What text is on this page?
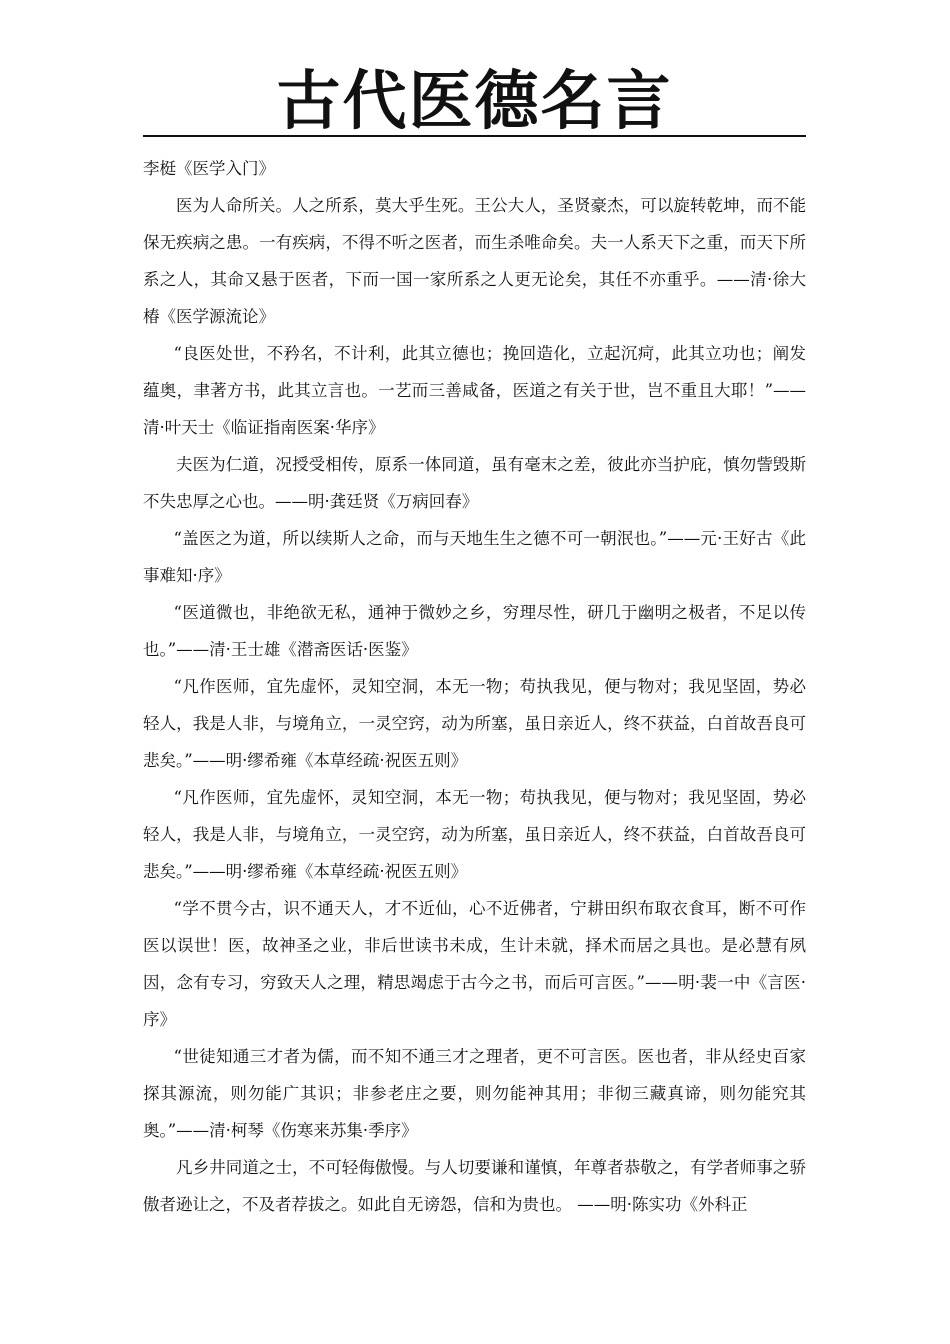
古代医德名言

李梃《医学入门》

医为人命所关。人之所系，莫大乎生死。王公大人，圣贤豪杰，可以旋转乾坤，而不能保无疾病之患。一有疾病，不得不听之医者，而生杀唯命矣。夫一人系天下之重，而天下所系之人，其命又悬于医者，下而一国一家所系之人更无论矣，其任不亦重乎。——清·徐大椿《医学源流论》

“良医处世，不矜名，不计利，此其立德也；挽回造化，立起沉疴，此其立功也；阐发蕴奥，聿著方书，此其立言也。一艺而三善咸备，医道之有关于世，岂不重且大耶！”——清·叶天士《临证指南医案·华序》

夫医为仁道，况授受相传，原系一体同道，虽有毫末之差，彼此亦当护庇，慎勿訾毁斯不失忠厚之心也。——明·龚廷贤《万病回春》

“盖医之为道，所以续斯人之命，而与天地生生之德不可一朝泯也。”——元·王好古《此事难知·序》

“医道微也，非绝欲无私，通神于微妙之乡，穷理尽性，研几于幽明之极者，不足以传也。”——清·王士雄《潜斋医话·医鉴》

“凡作医师，宜先虚怀，灵知空洞，本无一物；苟执我见，便与物对；我见坚固，势必轻人，我是人非，与境角立，一灵空窍，动为所塞，虽日亲近人，终不获益，白首故吾良可悲矣。”——明·缪希雍《本草经疏·祝医五则》

“凡作医师，宜先虚怀，灵知空洞，本无一物；苟执我见，便与物对；我见坚固，势必轻人，我是人非，与境角立，一灵空窍，动为所塞，虽日亲近人，终不获益，白首故吾良可悲矣。”——明·缪希雍《本草经疏·祝医五则》

“学不贯今古，识不通天人，才不近仙，心不近佛者，宁耕田织布取衣食耳，断不可作医以误世！医，故神圣之业，非后世读书未成，生计未就，择术而居之具也。是必慧有夙因，念有专习，穷致天人之理，精思竭虑于古今之书，而后可言医。”——明·裴一中《言医·序》

“世徒知通三才者为儒，而不知不通三才之理者，更不可言医。医也者，非从经史百家探其源流，则勿能广其识；非参老庄之要，则勿能神其用；非彻三藏真谛，则勿能究其奥。”——清·柯琴《伤寒来苏集·季序》

凡乡井同道之士，不可轻侮傲慢。与人切要谦和谨慎，年尊者恭敬之，有学者师事之骄傲者逊让之，不及者荐拔之。如此自无谤怨，信和为贵也。 ——明·陈实功《外科正
